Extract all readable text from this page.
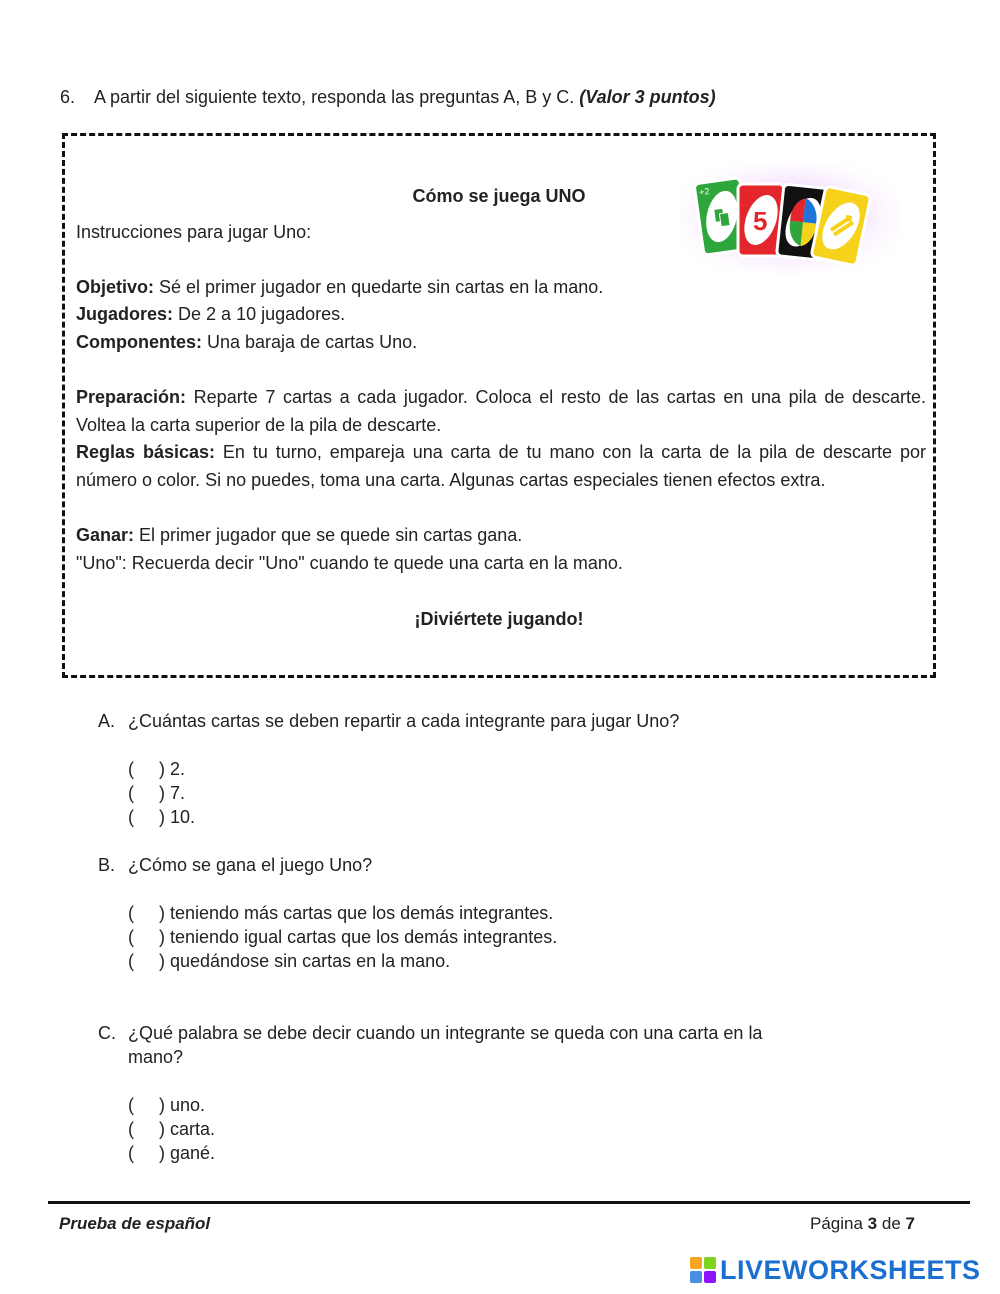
6. A partir del siguiente texto, responda las preguntas A, B y C. (Valor 3 puntos)
Cómo se juega UNO	+2
5
Instrucciones para jugar Uno:
Objetivo: Sé el primer jugador en quedarte sin cartas en la mano.
Jugadores: De 2 a 10 jugadores.
Componentes: Una baraja de cartas Uno.
Preparación: Reparte 7 cartas a cada jugador. Coloca el resto de las cartas en una pila de descarte. Voltea la carta superior de la pila de descarte.
Reglas básicas: En tu turno, empareja una carta de tu mano con la carta de la pila de descarte por número o color. Si no puedes, toma una carta. Algunas cartas especiales tienen efectos extra.
Ganar: El primer jugador que se quede sin cartas gana.
"Uno": Recuerda decir "Uno" cuando te quede una carta en la mano.
¡Diviértete jugando!
A. ¿Cuántas cartas se deben repartir a cada integrante para jugar Uno?
(     ) 2.
(     ) 7.
(     ) 10.
B. ¿Cómo se gana el juego Uno?
(     ) teniendo más cartas que los demás integrantes.
(     ) teniendo igual cartas que los demás integrantes.
(     ) quedándose sin cartas en la mano.
C. ¿Qué palabra se debe decir cuando un integrante se queda con una carta en la
mano?
(     ) uno.
(     ) carta.
(     ) gané.
Prueba de español	Página 3 de 7
LIVEWORKSHEETS
